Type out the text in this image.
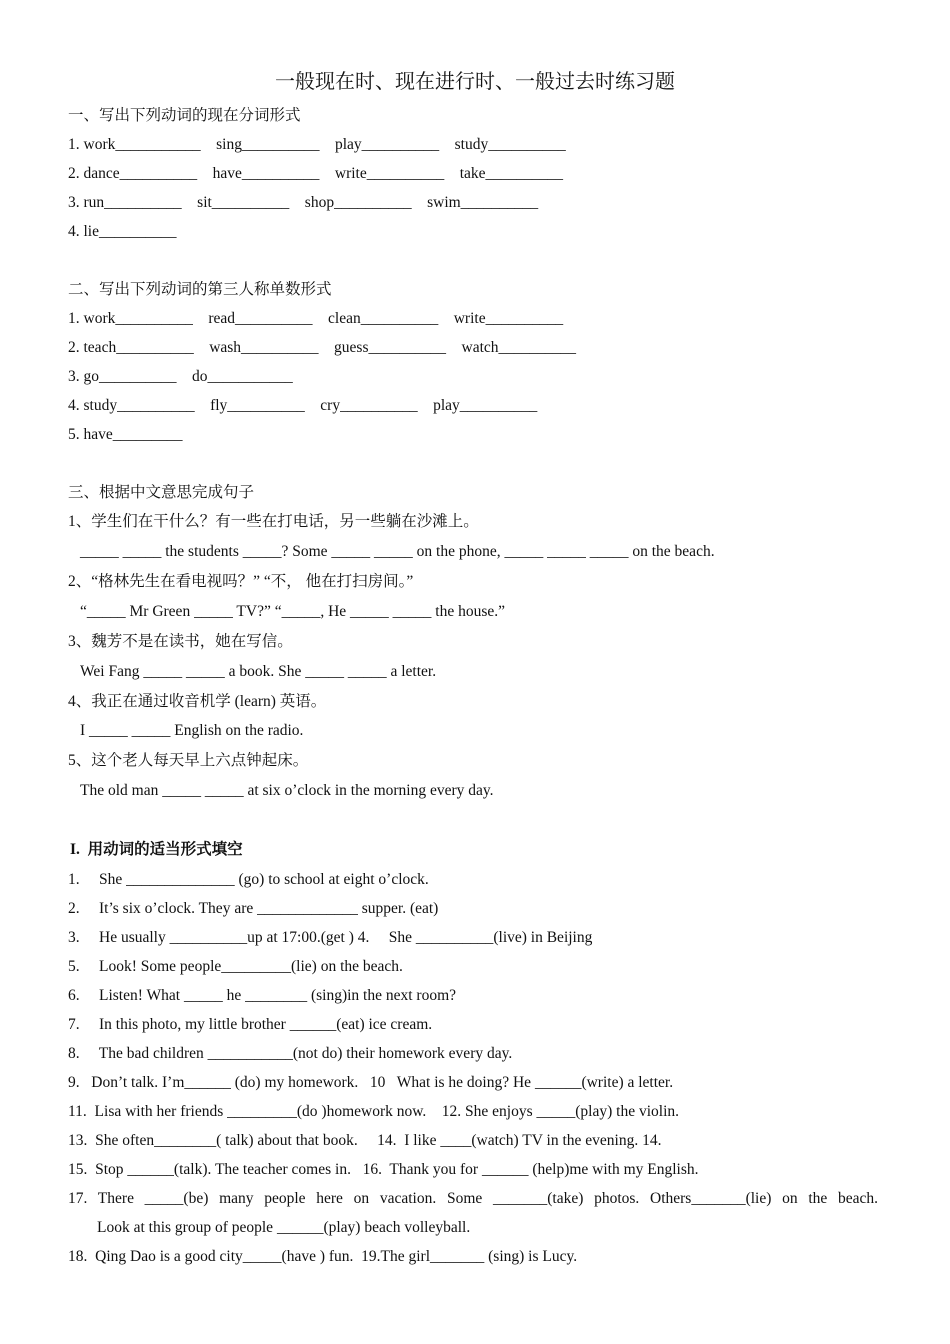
一般现在时、现在进行时、一般过去时练习题
一、写出下列动词的现在分词形式
1. work___________    sing__________    play__________    study__________
2. dance__________    have__________    write__________    take__________
3. run__________    sit__________    shop__________    swim__________
4. lie__________
二、写出下列动词的第三人称单数形式
1. work__________    read__________    clean__________    write__________
2. teach__________    wash__________    guess__________    watch__________
3. go__________    do___________
4. study__________    fly__________    cry__________    play__________
5. have_________
三、根据中文意思完成句子
1、学生们在干什么？有一些在打电话，另一些躺在沙滩上。
_____ _____ the students _____? Some _____ _____ on the phone, _____ _____ _____ on the beach.
2、“格林先生在看电视吗？” “不， 他在打扫房间。”
“_____ Mr Green _____ TV?” “_____, He _____ _____ the house.”
3、魏芳不是在读书，她在写信。
Wei Fang _____ _____ a book. She _____ _____ a letter.
4、我正在通过收音机学 (learn) 英语。
I _____ _____ English on the radio.
5、这个老人每天早上六点钟起床。
The old man _____ _____ at six o’clock in the morning every day.
I.  用动词的适当形式填空
1.     She ______________ (go) to school at eight o’clock.
2.     It’s six o’clock. They are _____________ supper. (eat)
3.     He usually __________up at 17:00.(get ) 4.     She __________(live) in Beijing
5.     Look! Some people_________(lie) on the beach.
6.     Listen! What _____ he ________ (sing)in the next room?
7.     In this photo, my little brother ______(eat) ice cream.
8.     The bad children ___________(not do) their homework every day.
9.   Don’t talk. I’m______ (do) my homework.   10   What is he doing? He ______(write) a letter.
11.  Lisa with her friends _________(do )homework now.    12. She enjoys _____(play) the violin.
13.  She often________( talk) about that book.     14.  I like ____(watch) TV in the evening. 14.
15.  Stop ______(talk). The teacher comes in.   16.  Thank you for ______ (help)me with my English.
17. There _____(be) many people here on vacation. Some _______(take) photos. Others_______(lie) on the beach.
Look at this group of people ______(play) beach volleyball.
18.  Qing Dao is a good city_____(have ) fun.  19.The girl_______ (sing) is Lucy.
